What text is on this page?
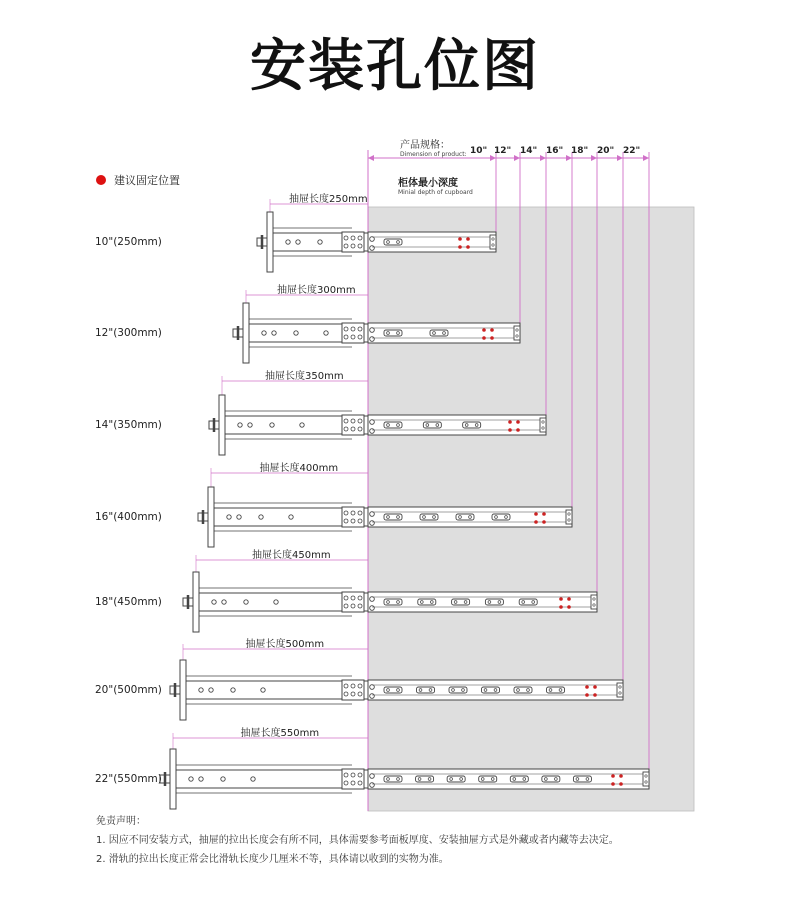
安装孔位图
建议固定位置
产品规格：
Dimension of product:
柜体最小深度
Minial depth of cupboard
10" 12" 14" 16" 18" 20" 22"
10"(250mm)
12"(300mm)
14"(350mm)
16"(400mm)
18"(450mm)
20"(500mm)
22"(550mm)
抽屉长度250mm
抽屉长度300mm
抽屉长度350mm
抽屉长度400mm
抽屉长度450mm
抽屉长度500mm
抽屉长度550mm
免责声明：
1. 因应不同安装方式，抽屉的拉出长度会有所不同，具体需要参考面板厚度、安装抽屉方式是外藏或者内藏等去决定。
2. 滑轨的拉出长度正常会比滑轨长度少几厘米不等，具体请以收到的实物为准。
